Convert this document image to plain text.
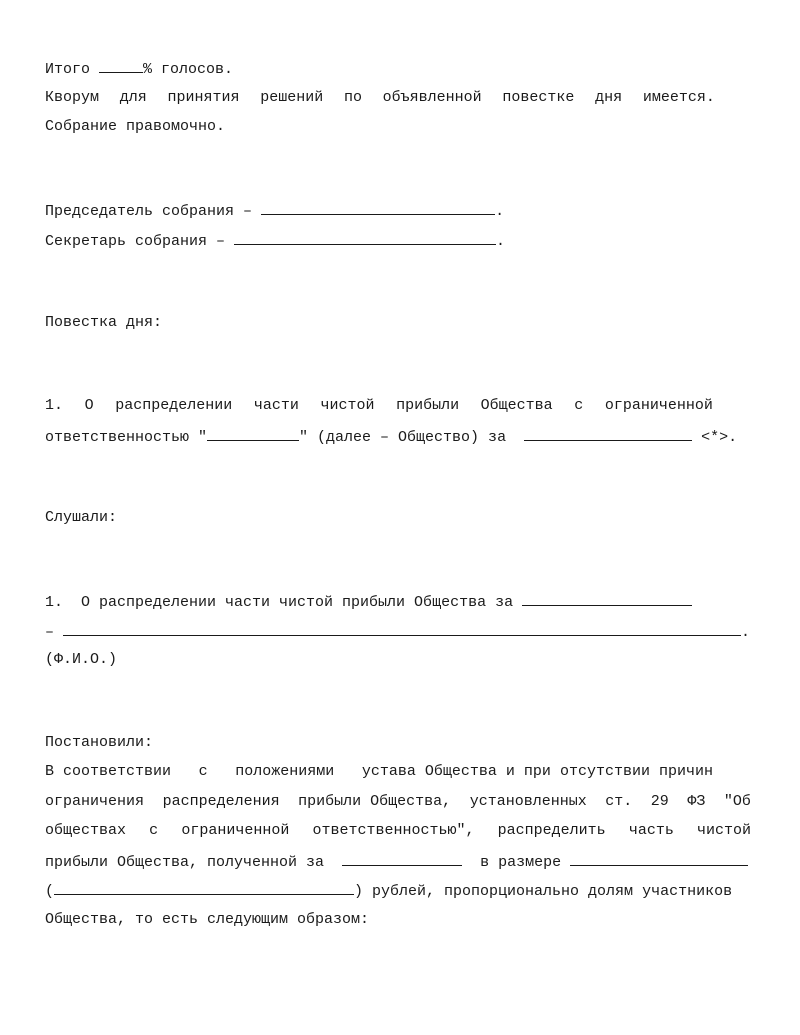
Итого	% голосов.
Кворум для принятия решений по объявленной повестке дня имеется.
Собрание правомочно.
Председатель собрания –	.
Секретарь собрания –	.
Повестка дня:
1. О распределении части чистой прибыли Общества с ограниченной
ответственностью "	" (далее – Общество) за	<*>.
Слушали:
1.  О распределении части чистой прибыли Общества за
–	.
(Ф.И.О.)
Постановили:
В соответствии с положениями устава Общества и при отсутствии причин
ограничения распределения прибыли Общества, установленных ст. 29 ФЗ "Об
обществах с ограниченной ответственностью", распределить часть чистой
прибыли Общества, полученной за	в размере
(	) рублей, пропорционально долям участников
Общества, то есть следующим образом:
